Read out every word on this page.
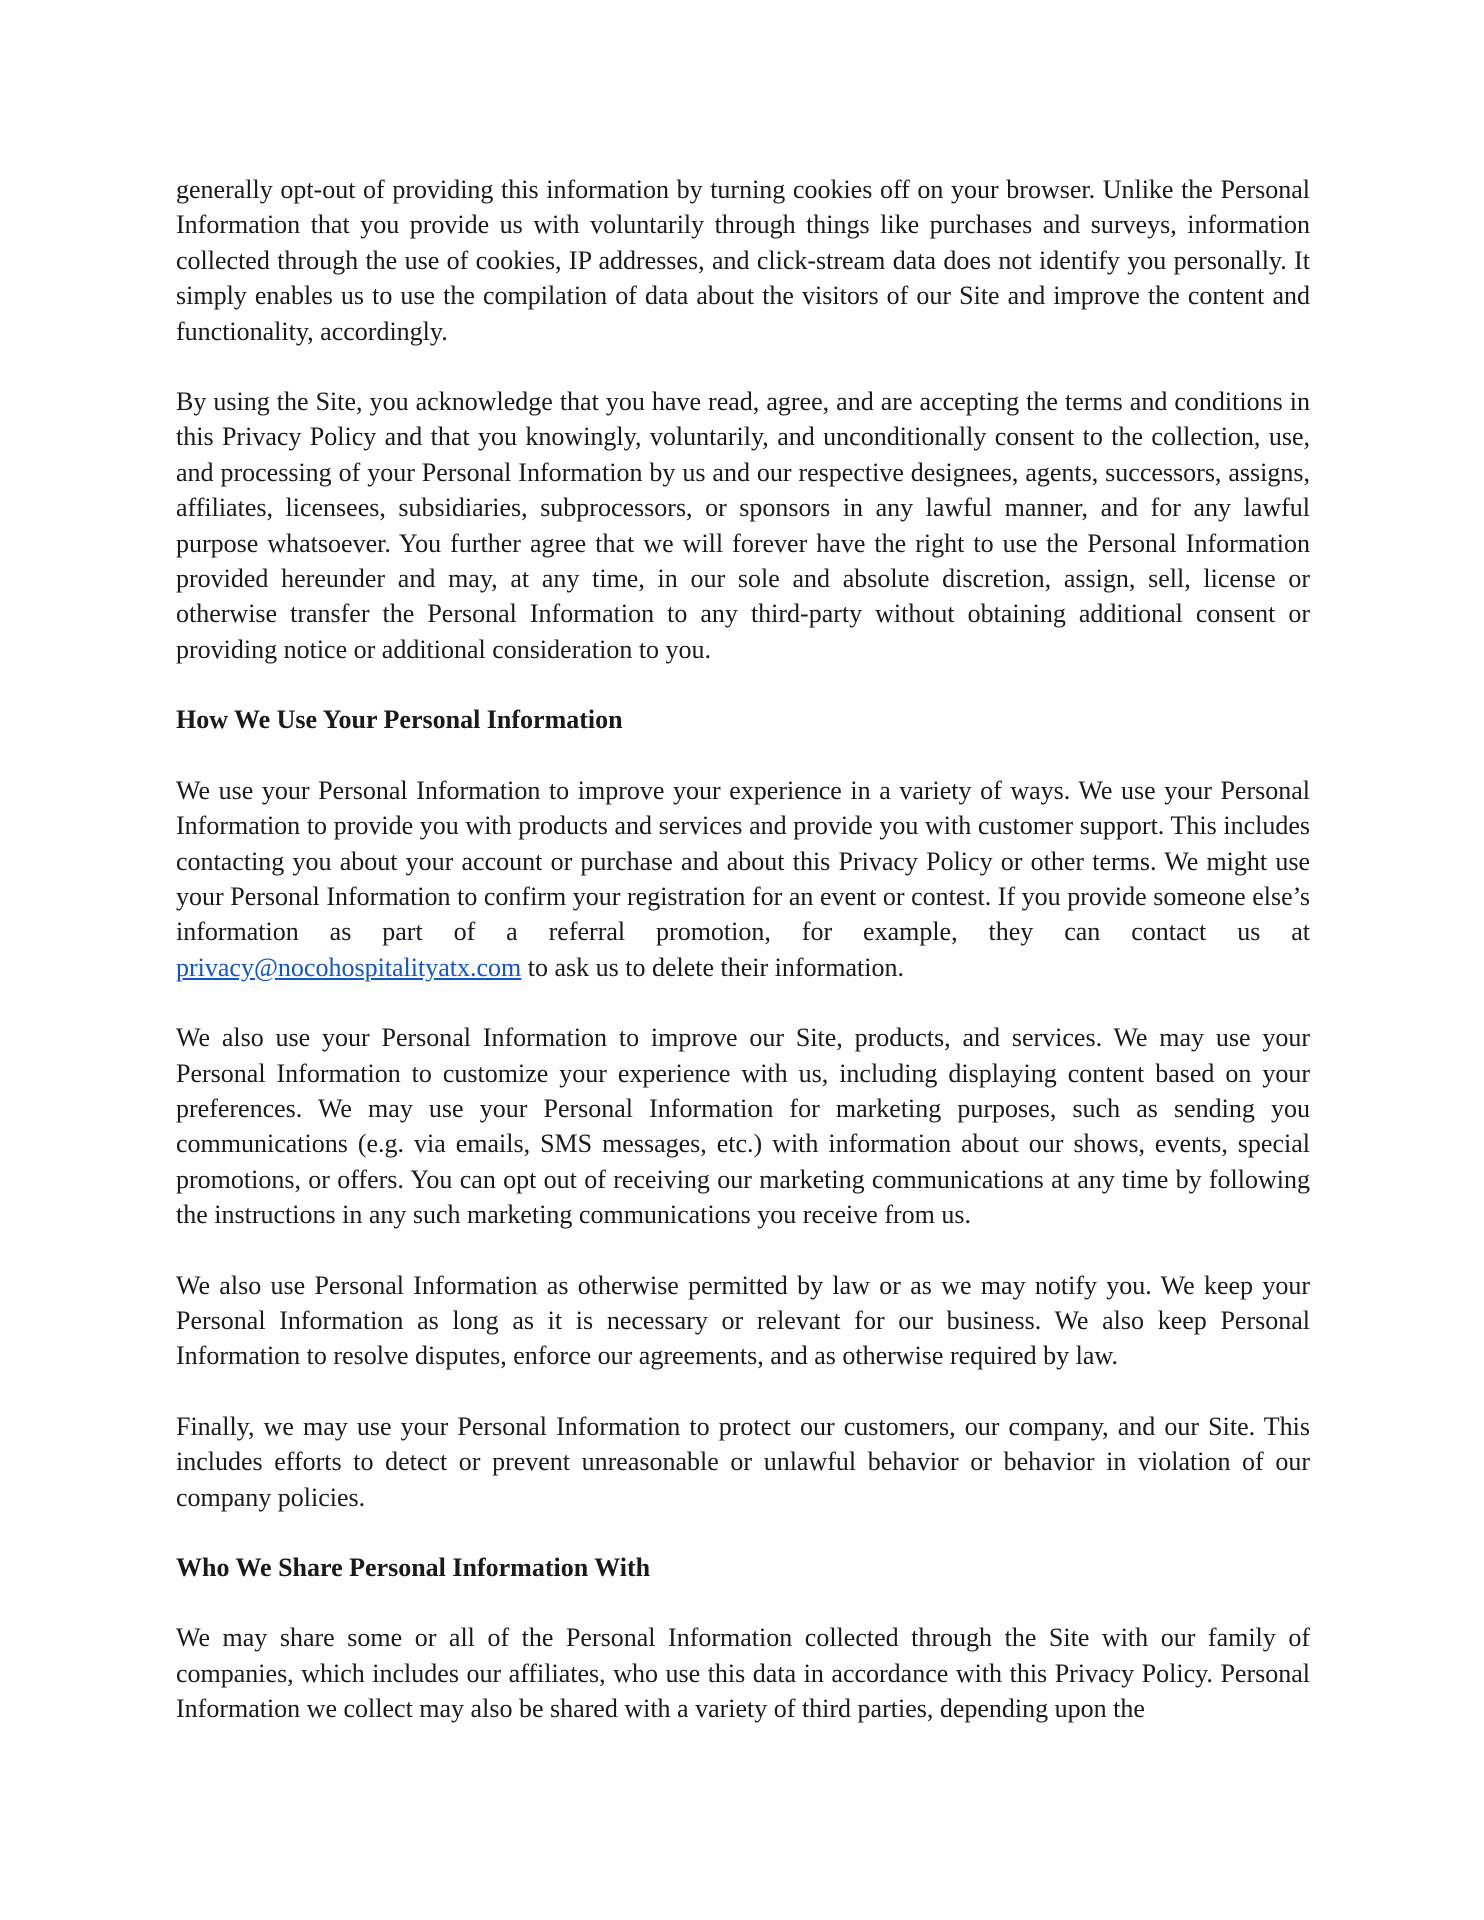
generally opt-out of providing this information by turning cookies off on your browser. Unlike the Personal Information that you provide us with voluntarily through things like purchases and surveys, information collected through the use of cookies, IP addresses, and click-stream data does not identify you personally. It simply enables us to use the compilation of data about the visitors of our Site and improve the content and functionality, accordingly.

By using the Site, you acknowledge that you have read, agree, and are accepting the terms and conditions in this Privacy Policy and that you knowingly, voluntarily, and unconditionally consent to the collection, use, and processing of your Personal Information by us and our respective designees, agents, successors, assigns, affiliates, licensees, subsidiaries, subprocessors, or sponsors in any lawful manner, and for any lawful purpose whatsoever. You further agree that we will forever have the right to use the Personal Information provided hereunder and may, at any time, in our sole and absolute discretion, assign, sell, license or otherwise transfer the Personal Information to any third-party without obtaining additional consent or providing notice or additional consideration to you.

How We Use Your Personal Information

We use your Personal Information to improve your experience in a variety of ways. We use your Personal Information to provide you with products and services and provide you with customer support. This includes contacting you about your account or purchase and about this Privacy Policy or other terms. We might use your Personal Information to confirm your registration for an event or contest. If you provide someone else’s information as part of a referral promotion, for example, they can contact us at privacy@nocohospitalityatx.com to ask us to delete their information.

We also use your Personal Information to improve our Site, products, and services. We may use your Personal Information to customize your experience with us, including displaying content based on your preferences. We may use your Personal Information for marketing purposes, such as sending you communications (e.g. via emails, SMS messages, etc.) with information about our shows, events, special promotions, or offers. You can opt out of receiving our marketing communications at any time by following the instructions in any such marketing communications you receive from us.

We also use Personal Information as otherwise permitted by law or as we may notify you. We keep your Personal Information as long as it is necessary or relevant for our business. We also keep Personal Information to resolve disputes, enforce our agreements, and as otherwise required by law.

Finally, we may use your Personal Information to protect our customers, our company, and our Site. This includes efforts to detect or prevent unreasonable or unlawful behavior or behavior in violation of our company policies.

Who We Share Personal Information With

We may share some or all of the Personal Information collected through the Site with our family of companies, which includes our affiliates, who use this data in accordance with this Privacy Policy. Personal Information we collect may also be shared with a variety of third parties, depending upon the
